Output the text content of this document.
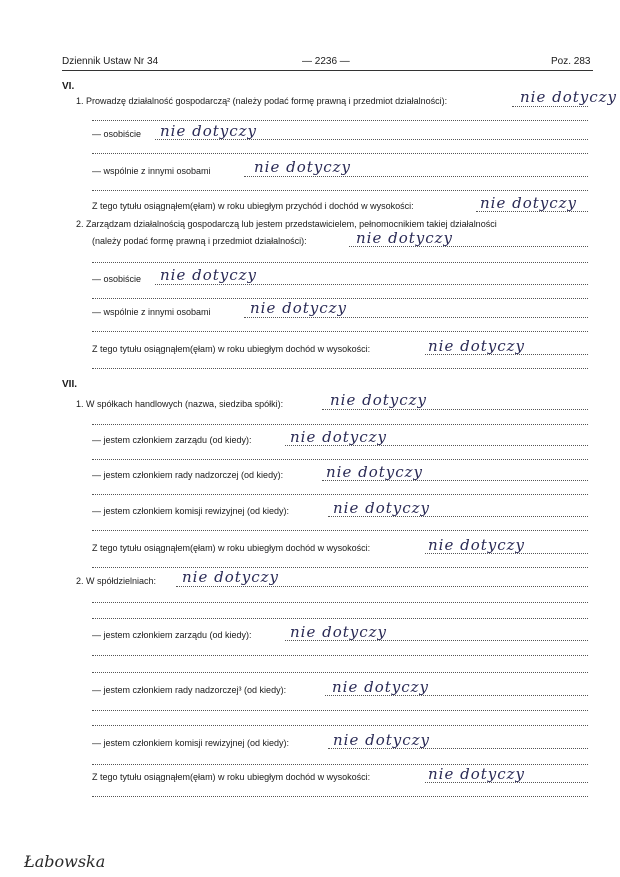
Dziennik Ustaw Nr 34	— 2236 —	Poz. 283
VI.
1. Prowadzę działalność gospodarczą² (należy podać formę prawną i przedmiot działalności):	nie dotyczy
— osobiście nie dotyczy
— wspólnie z innymi osobami	nie dotyczy
Z tego tytułu osiągnąłem(ęłam) w roku ubiegłym przychód i dochód w wysokości:	nie dotyczy
2. Zarządzam działalnością gospodarczą lub jestem przedstawicielem, pełnomocnikiem takiej działalności
(należy podać formę prawną i przedmiot działalności):	nie dotyczy
— osobiście nie dotyczy
— wspólnie z innymi osobami	nie dotyczy
Z tego tytułu osiągnąłem(ęłam) w roku ubiegłym dochód w wysokości:	nie dotyczy
VII.
1. W spółkach handlowych (nazwa, siedziba spółki):	nie dotyczy
— jestem członkiem zarządu (od kiedy):	nie dotyczy
— jestem członkiem rady nadzorczej (od kiedy):	nie dotyczy
— jestem członkiem komisji rewizyjnej (od kiedy):	nie dotyczy
Z tego tytułu osiągnąłem(ęłam) w roku ubiegłym dochód w wysokości:	nie dotyczy
2. W spółdzielniach: nie dotyczy
— jestem członkiem zarządu (od kiedy):	nie dotyczy
— jestem członkiem rady nadzorczej³ (od kiedy):	nie dotyczy
— jestem członkiem komisji rewizyjnej (od kiedy):	nie dotyczy
Z tego tytułu osiągnąłem(ęłam) w roku ubiegłym dochód w wysokości:	nie dotyczy
Łabowska
